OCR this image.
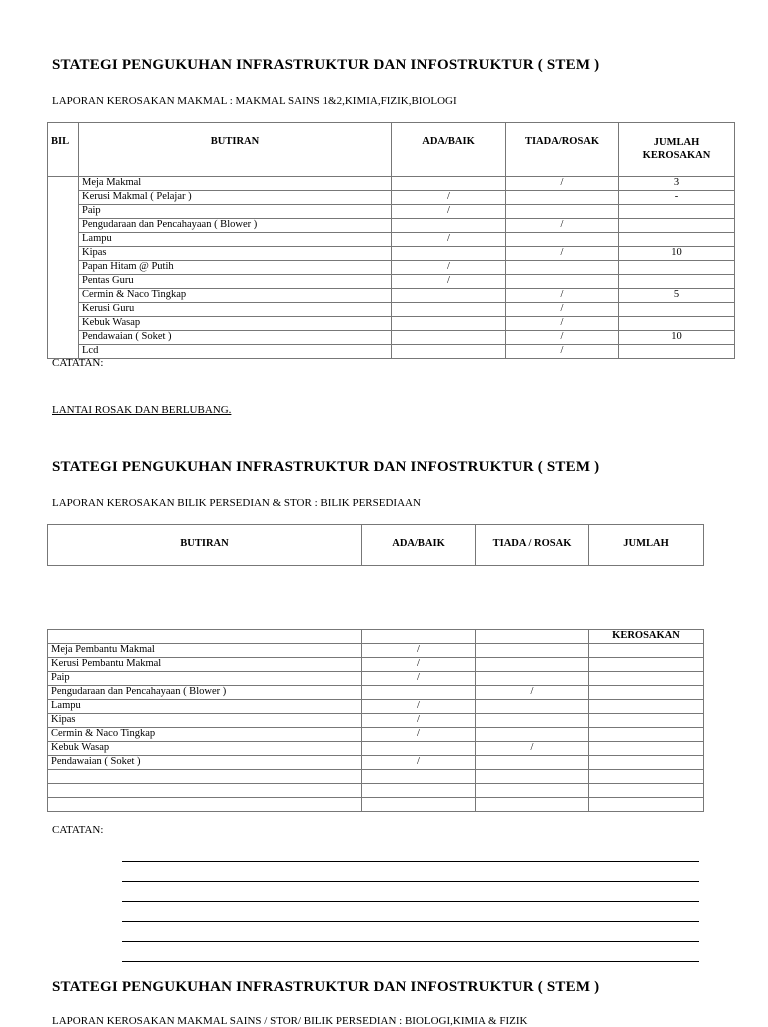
STATEGI PENGUKUHAN INFRASTRUKTUR DAN INFOSTRUKTUR ( STEM )
LAPORAN KEROSAKAN MAKMAL : MAKMAL SAINS 1&2,KIMIA,FIZIK,BIOLOGI
BIL	BUTIRAN	ADA/BAIK	TIADA/ROSAK	JUMLAH
KEROSAKAN

	Meja Makmal		/	3
	Kerusi Makmal ( Pelajar )	/		-
	Paip	/		
	Pengudaraan dan Pencahayaan ( Blower )		/	
	Lampu	/		
	Kipas		/	10
	Papan Hitam @ Putih	/		
	Pentas Guru	/		
	Cermin & Naco Tingkap		/	5
	Kerusi Guru		/	
	Kebuk Wasap		/	
	Pendawaian ( Soket )		/	10
	Lcd		/	
CATATAN:
LANTAI ROSAK DAN BERLUBANG.
STATEGI PENGUKUHAN INFRASTRUKTUR DAN INFOSTRUKTUR ( STEM )
LAPORAN KEROSAKAN BILIK PERSEDIAN & STOR : BILIK PERSEDIAAN
BUTIRAN	ADA/BAIK	TIADA / ROSAK	JUMLAH
			KEROSAKAN
Meja Pembantu Makmal	/		
Kerusi Pembantu Makmal	/		
Paip	/		
Pengudaraan dan Pencahayaan ( Blower )		/	
Lampu	/		
Kipas	/		
Cermin & Naco Tingkap	/		
Kebuk Wasap		/	
Pendawaian ( Soket )	/		

CATATAN:
STATEGI PENGUKUHAN INFRASTRUKTUR DAN INFOSTRUKTUR ( STEM )
LAPORAN KEROSAKAN MAKMAL SAINS / STOR/ BILIK PERSEDIAN : BIOLOGI,KIMIA & FIZIK
